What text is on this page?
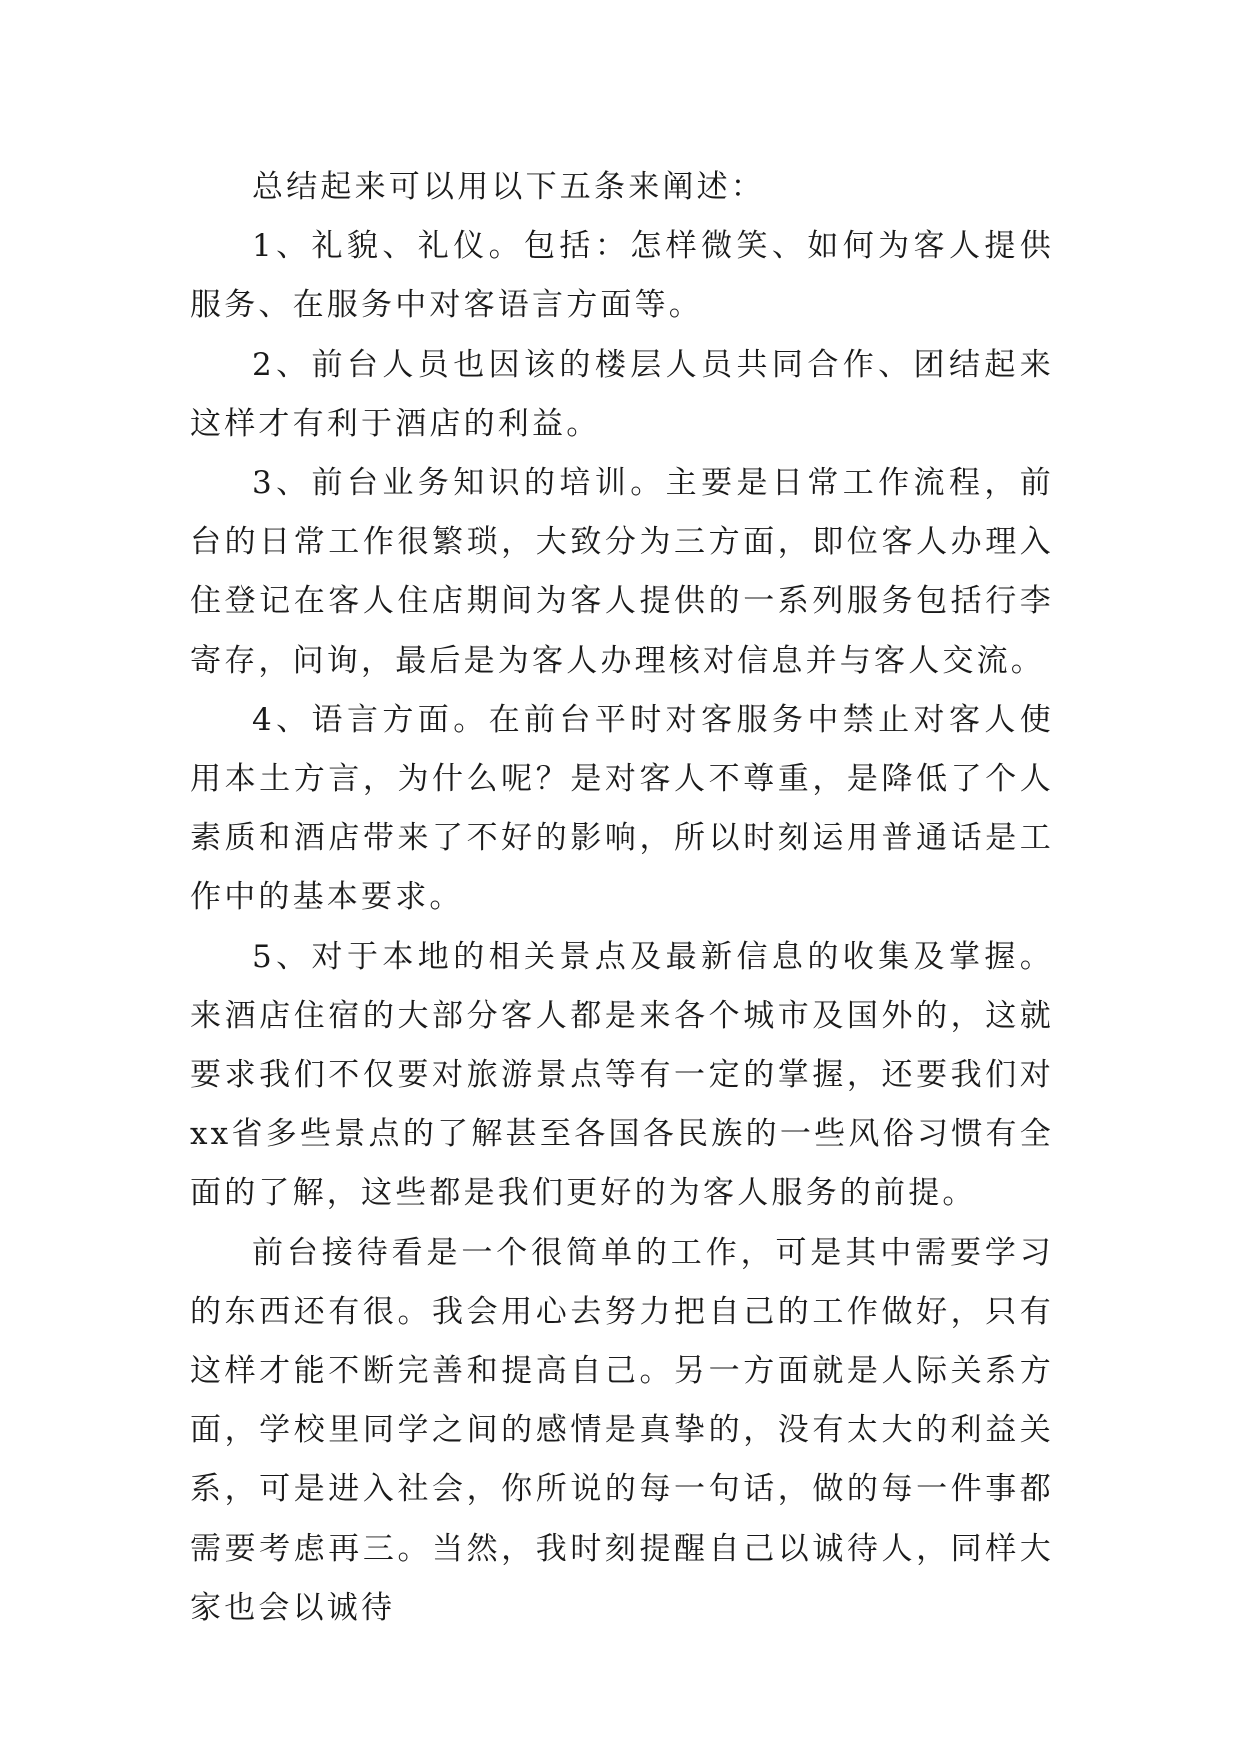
总结起来可以用以下五条来阐述：

1、礼貌、礼仪。包括：怎样微笑、如何为客人提供服务、在服务中对客语言方面等。

2、前台人员也因该的楼层人员共同合作、团结起来这样才有利于酒店的利益。

3、前台业务知识的培训。主要是日常工作流程，前台的日常工作很繁琐，大致分为三方面，即位客人办理入住登记在客人住店期间为客人提供的一系列服务包括行李寄存，问询，最后是为客人办理核对信息并与客人交流。

4、语言方面。在前台平时对客服务中禁止对客人使用本土方言，为什么呢？是对客人不尊重，是降低了个人素质和酒店带来了不好的影响，所以时刻运用普通话是工作中的基本要求。

5、对于本地的相关景点及最新信息的收集及掌握。来酒店住宿的大部分客人都是来各个城市及国外的，这就要求我们不仅要对旅游景点等有一定的掌握，还要我们对xx省多些景点的了解甚至各国各民族的一些风俗习惯有全面的了解，这些都是我们更好的为客人服务的前提。

前台接待看是一个很简单的工作，可是其中需要学习的东西还有很。我会用心去努力把自己的工作做好，只有这样才能不断完善和提高自己。另一方面就是人际关系方面，学校里同学之间的感情是真挚的，没有太大的利益关系，可是进入社会，你所说的每一句话，做的每一件事都需要考虑再三。当然，我时刻提醒自己以诚待人，同样大家也会以诚待
